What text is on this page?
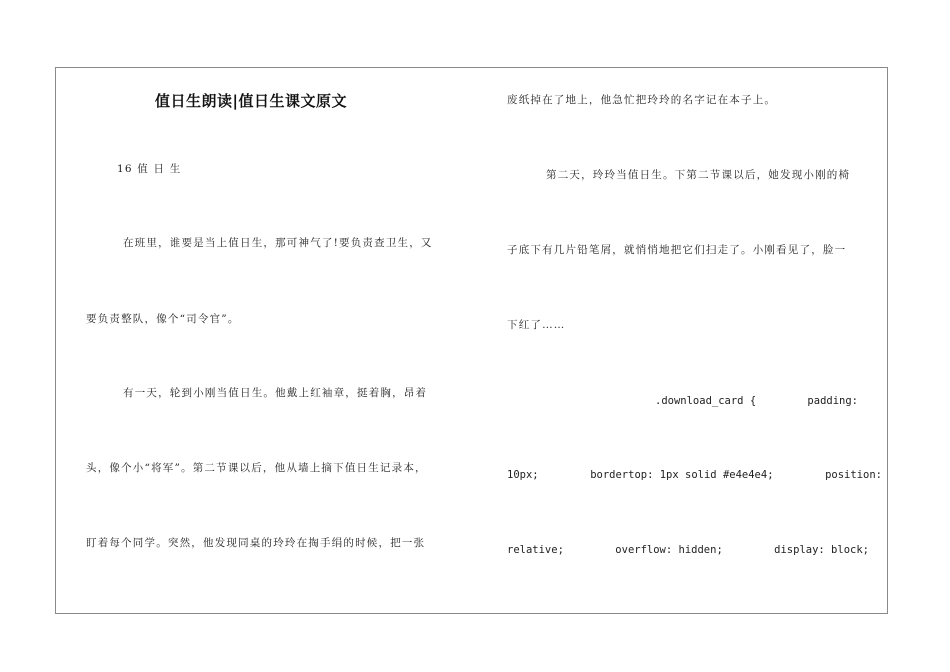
值日生朗读|值日生课文原文

16 值 日 生

在班里，谁要是当上值日生，那可神气了!要负责查卫生，又

要负责整队，像个“司令官”。

有一天，轮到小刚当值日生。他戴上红袖章，挺着胸，昂着

头，像个小“将军”。第二节课以后，他从墙上摘下值日生记录本，

盯着每个同学。突然，他发现同桌的玲玲在掏手绢的时候，把一张

废纸掉在了地上，他急忙把玲玲的名字记在本子上。

第二天，玲玲当值日生。下第二节课以后，她发现小刚的椅

子底下有几片铅笔屑，就悄悄地把它们扫走了。小刚看见了，脸一

下红了……

.download_card {	padding:
10px;	bordertop: 1px solid #e4e4e4;	position:
relative;	overflow: hidden;	display: block;
